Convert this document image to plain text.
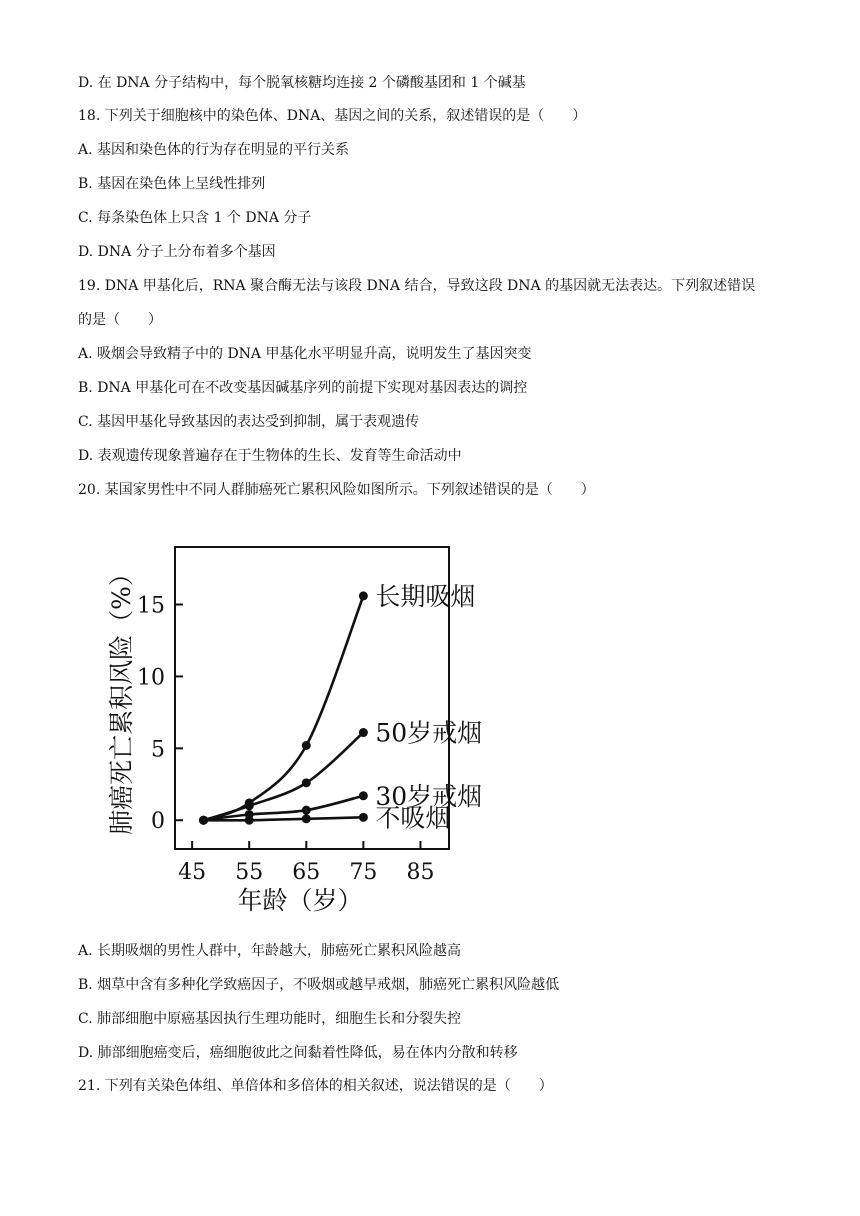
D. 在 DNA 分子结构中，每个脱氧核糖均连接 2 个磷酸基团和 1 个碱基
18. 下列关于细胞核中的染色体、DNA、基因之间的关系，叙述错误的是（　　）
A. 基因和染色体的行为存在明显的平行关系
B. 基因在染色体上呈线性排列
C. 每条染色体上只含 1 个 DNA 分子
D. DNA 分子上分布着多个基因
19. DNA 甲基化后，RNA 聚合酶无法与该段 DNA 结合，导致这段 DNA 的基因就无法表达。下列叙述错误
的是（　　）
A. 吸烟会导致精子中的 DNA 甲基化水平明显升高，说明发生了基因突变
B. DNA 甲基化可在不改变基因碱基序列的前提下实现对基因表达的调控
C. 基因甲基化导致基因的表达受到抑制，属于表观遗传
D. 表观遗传现象普遍存在于生物体的生长、发育等生命活动中
20. 某国家男性中不同人群肺癌死亡累积风险如图所示。下列叙述错误的是（　　）
A. 长期吸烟的男性人群中，年龄越大，肺癌死亡累积风险越高
B. 烟草中含有多种化学致癌因子，不吸烟或越早戒烟，肺癌死亡累积风险越低
C. 肺部细胞中原癌基因执行生理功能时，细胞生长和分裂失控
D. 肺部细胞癌变后，癌细胞彼此之间黏着性降低，易在体内分散和转移
21. 下列有关染色体组、单倍体和多倍体的相关叙述，说法错误的是（　　）
0
5
10
15
45 55 65 75 85
长期吸烟
50岁戒烟
30岁戒烟
不吸烟
肺癌死亡累积风险（%）
年龄（岁）
